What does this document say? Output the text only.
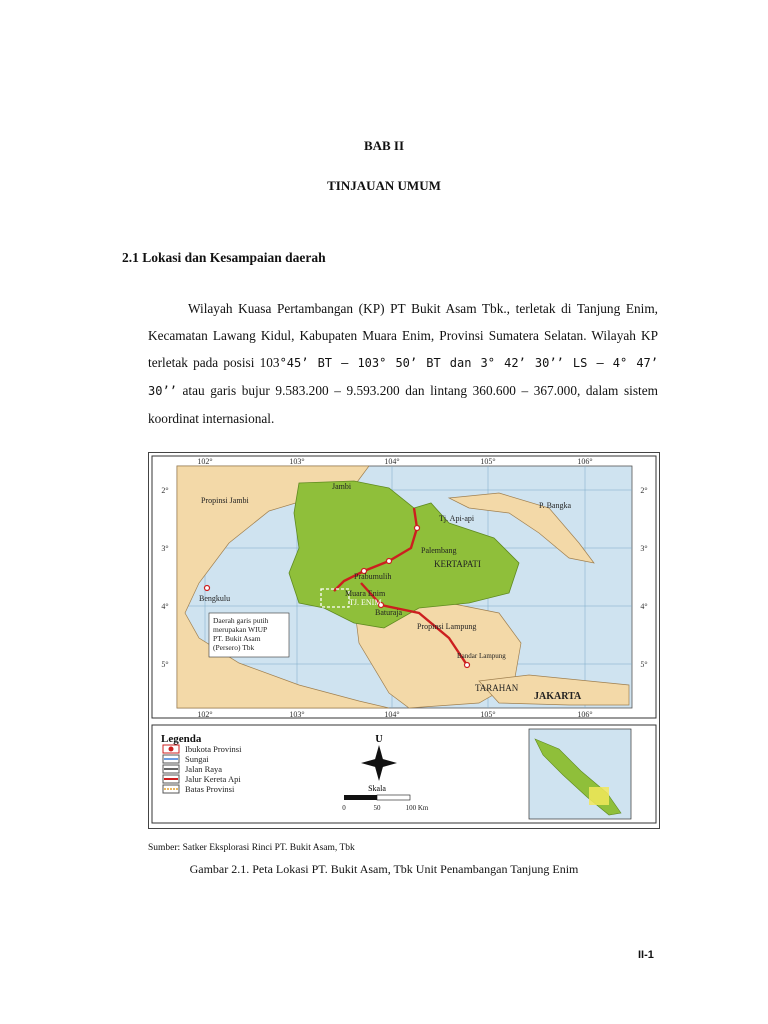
BAB II
TINJAUAN UMUM
2.1 Lokasi dan Kesampaian daerah

Wilayah Kuasa Pertambangan (KP) PT Bukit Asam Tbk., terletak di Tanjung Enim, Kecamatan Lawang Kidul, Kabupaten Muara Enim, Provinsi Sumatera Selatan. Wilayah KP terletak pada posisi 103°45’ BT – 103° 50’ BT dan 3° 42’ 30’’ LS – 4° 47’ 30’’ atau garis bujur 9.583.200 – 9.593.200 dan lintang 360.600 – 367.000, dalam sistem koordinat internasional.

102°	103°	104°	105°	106°
102°	103°	104°	105°	106°
2°
3°
4°
5°
2°
3°
4°
5°
Jambi
Propinsi Jambi
P. Bangka
Tj. Api-api
Palembang
KERTAPATI
Prabumulih
Muara Enim
TJ. ENIM
Baturaja
Bengkulu
Propinsi Lampung
Bandar Lampung
TARAHAN
JAKARTA
Daerah garis putih
merupakan WIUP
PT. Bukit Asam
(Persero) Tbk
Legenda
Ibukota Provinsi
Sungai
Jalan Raya
Jalur Kereta Api
Batas Provinsi
U
Skala
0	50	100 Km
Sumber: Satker Eksplorasi Rinci PT. Bukit Asam, Tbk
Gambar 2.1. Peta Lokasi PT. Bukit Asam, Tbk Unit Penambangan Tanjung Enim
II-1
